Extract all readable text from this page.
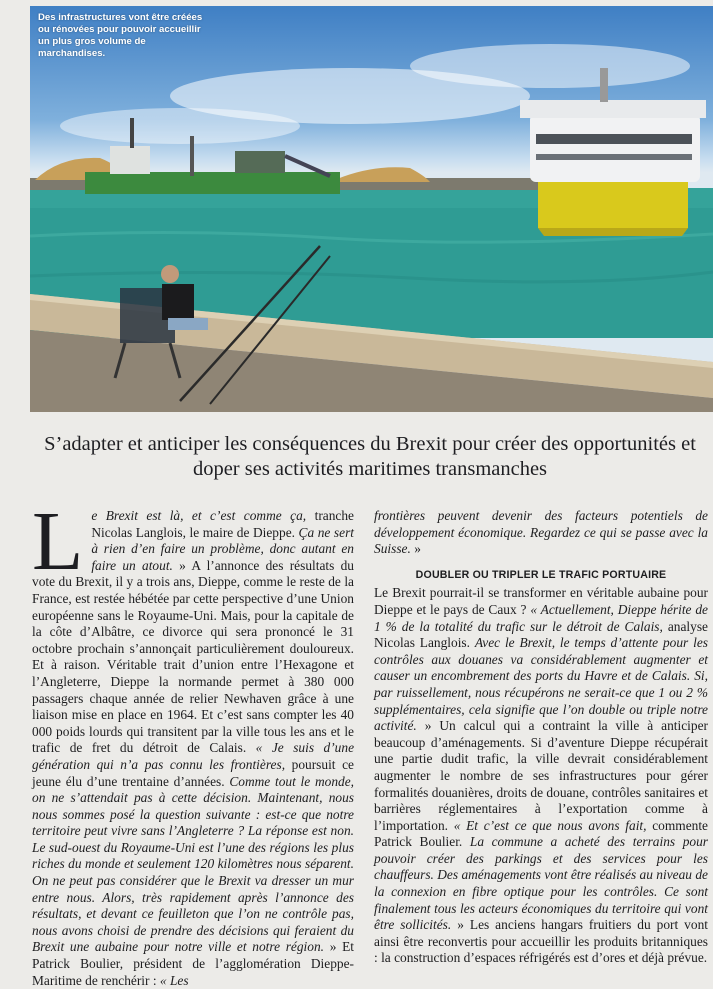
Des infrastructures vont être créées ou rénovées pour pouvoir accueillir un plus gros volume de marchandises.
S’adapter et anticiper les conséquences du Brexit pour créer des opportunités et doper ses activités maritimes transmanches
L e Brexit est là, et c’est comme ça, tranche Nicolas Langlois, le maire de Dieppe. Ça ne sert à rien d’en faire un problème, donc autant en faire un atout. » A l’annonce des résultats du vote du Brexit, il y a trois ans, Dieppe, comme le reste de la France, est restée hébétée par cette perspective d’une Union européenne sans le Royaume-Uni. Mais, pour la capitale de la côte d’Albâtre, ce divorce qui sera prononcé le 31 octobre prochain s’annonçait particulièrement douloureux. Et à raison. Véritable trait d’union entre l’Hexagone et l’Angleterre, Dieppe la normande permet à 380 000 passagers chaque année de relier Newhaven grâce à une liaison mise en place en 1964. Et c’est sans compter les 40 000 poids lourds qui transitent par la ville tous les ans et le trafic de fret du détroit de Calais. « Je suis d’une génération qui n’a pas connu les frontières, poursuit ce jeune élu d’une trentaine d’années. Comme tout le monde, on ne s’attendait pas à cette décision. Maintenant, nous nous sommes posé la question suivante : est-ce que notre territoire peut vivre sans l’Angleterre ? La réponse est non. Le sud-ouest du Royaume-Uni est l’une des régions les plus riches du monde et seulement 120 kilomètres nous séparent. On ne peut pas considérer que le Brexit va dresser un mur entre nous. Alors, très rapidement après l’annonce des résultats, et devant ce feuilleton que l’on ne contrôle pas, nous avons choisi de prendre des décisions qui feraient du Brexit une aubaine pour notre ville et notre région. » Et Patrick Boulier, président de l’agglomération Dieppe-Maritime de renchérir : « Les

frontières peuvent devenir des facteurs potentiels de développement économique. Regardez ce qui se passe avec la Suisse. »

DOUBLER OU TRIPLER LE TRAFIC PORTUAIRE

Le Brexit pourrait-il se transformer en véritable aubaine pour Dieppe et le pays de Caux ? « Actuellement, Dieppe hérite de 1 % de la totalité du trafic sur le détroit de Calais, analyse Nicolas Langlois. Avec le Brexit, le temps d’attente pour les contrôles aux douanes va considérablement augmenter et causer un encombrement des ports du Havre et de Calais. Si, par ruissellement, nous récupérons ne serait-ce que 1 ou 2 % supplémentaires, cela signifie que l’on double ou triple notre activité. » Un calcul qui a contraint la ville à anticiper beaucoup d’aménagements. Si d’aventure Dieppe récupérait une partie dudit trafic, la ville devrait considérablement augmenter le nombre de ses infrastructures pour gérer formalités douanières, droits de douane, contrôles sanitaires et barrières réglementaires à l’exportation comme à l’importation. « Et c’est ce que nous avons fait, commente Patrick Boulier. La commune a acheté des terrains pour pouvoir créer des parkings et des services pour les chauffeurs. Des aménagements vont être réalisés au niveau de la connexion en fibre optique pour les contrôles. Ce sont finalement tous les acteurs économiques du territoire qui vont être sollicités. » Les anciens hangars fruitiers du port vont ainsi être reconvertis pour accueillir les produits britanniques : la construction d’espaces réfrigérés est d’ores et déjà prévue.
